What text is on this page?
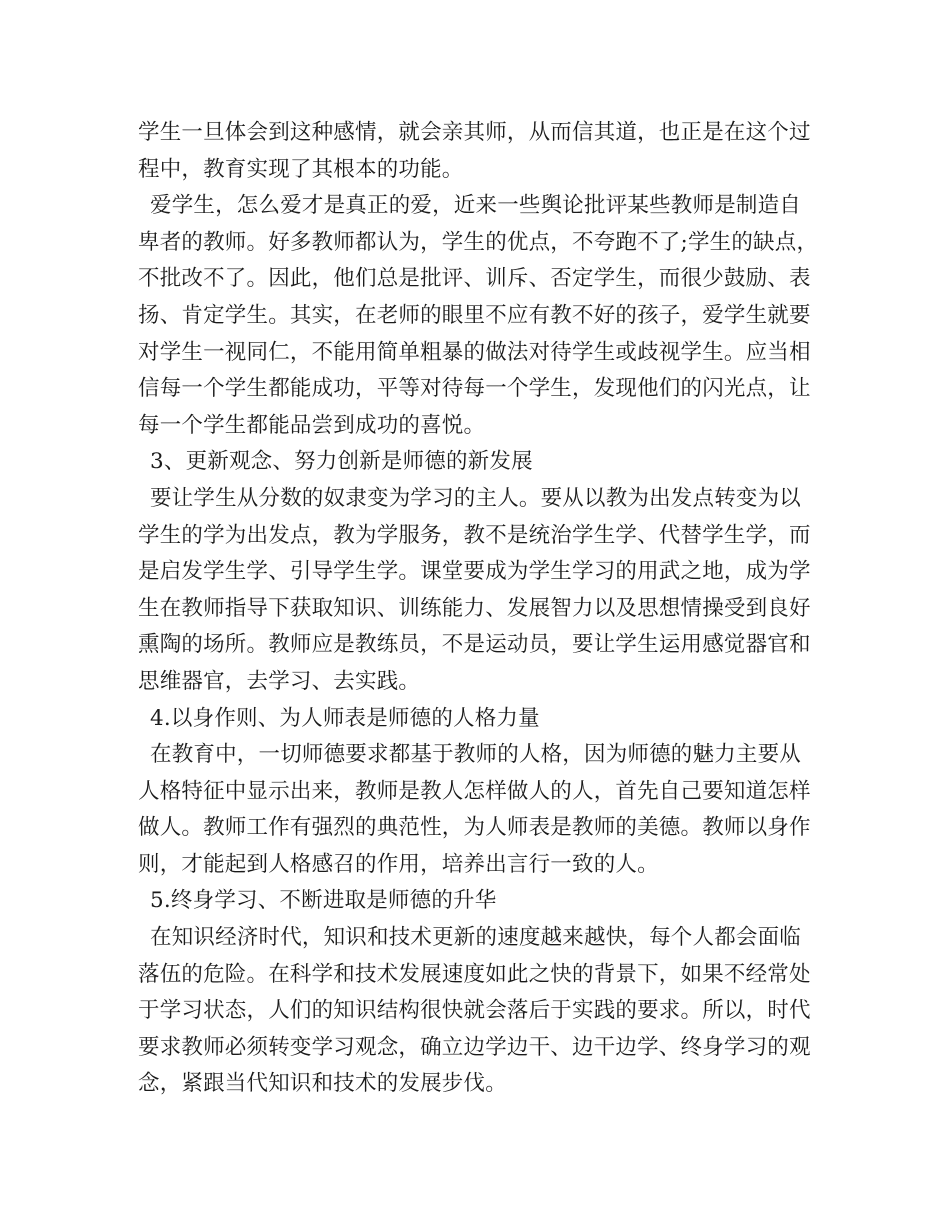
学生一旦体会到这种感情，就会亲其师，从而信其道，也正是在这个过
程中，教育实现了其根本的功能。
爱学生，怎么爱才是真正的爱，近来一些舆论批评某些教师是制造自
卑者的教师。好多教师都认为，学生的优点，不夸跑不了;学生的缺点，
不批改不了。因此，他们总是批评、训斥、否定学生，而很少鼓励、表
扬、肯定学生。其实，在老师的眼里不应有教不好的孩子，爱学生就要
对学生一视同仁，不能用简单粗暴的做法对待学生或歧视学生。应当相
信每一个学生都能成功，平等对待每一个学生，发现他们的闪光点，让
每一个学生都能品尝到成功的喜悦。
3、更新观念、努力创新是师德的新发展
要让学生从分数的奴隶变为学习的主人。要从以教为出发点转变为以
学生的学为出发点，教为学服务，教不是统治学生学、代替学生学，而
是启发学生学、引导学生学。课堂要成为学生学习的用武之地，成为学
生在教师指导下获取知识、训练能力、发展智力以及思想情操受到良好
熏陶的场所。教师应是教练员，不是运动员，要让学生运用感觉器官和
思维器官，去学习、去实践。
4.以身作则、为人师表是师德的人格力量
在教育中，一切师德要求都基于教师的人格，因为师德的魅力主要从
人格特征中显示出来，教师是教人怎样做人的人，首先自己要知道怎样
做人。教师工作有强烈的典范性，为人师表是教师的美德。教师以身作
则，才能起到人格感召的作用，培养出言行一致的人。
5.终身学习、不断进取是师德的升华
在知识经济时代，知识和技术更新的速度越来越快，每个人都会面临
落伍的危险。在科学和技术发展速度如此之快的背景下，如果不经常处
于学习状态，人们的知识结构很快就会落后于实践的要求。所以，时代
要求教师必须转变学习观念，确立边学边干、边干边学、终身学习的观
念，紧跟当代知识和技术的发展步伐。
